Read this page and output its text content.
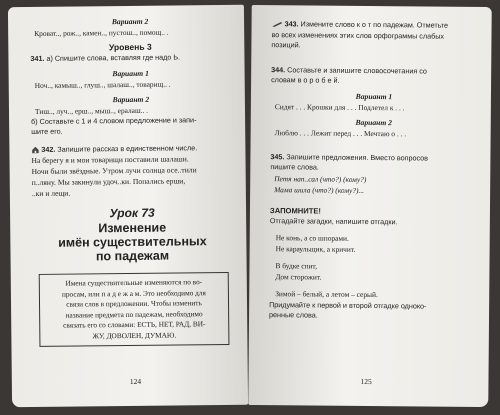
Вариант 2
Кроват.., рож.., камен.., пустош.., помощ.. .
Уровень 3
341. а) Спишите слова, вставляя где надо Ь.
Вариант 1
Ноч.., камыш.., глуш.., шалаш.., товарищ.. .
Вариант 2
Тиш.., луч.., ерш.., мыш.., ералаш.. .
б) Составьте с 1 и 4 словом предложение и запи-
шите его.
342. Запишите рассказ в единственном числе.
На берегу я и мои товарищи поставили шалаши.
Ночи были звёздные. Утром лучи солнца осе..тили
п..ляну. Мы закинули удоч..ки. Попались ерши,
..ки и лещи.
Урок 73
Изменение
имён существительных
по падежам
Имена существительные изменяются по во-
просам, или п а д е ж а м. Это необходимо для
связи слов в предложении. Чтобы изменить
название предмета по падежам, необходимо
связать его со словами: ЕСТЬ, НЕТ, РАД, ВИ-
ЖУ, ДОВОЛЕН, ДУМАЮ.
124
343. Измените слово к о т по падежам. Отметьте
во всех изменениях этих слов орфограммы слабых
позиций.
344. Составьте и запишите словосочетания со
словам в о р о б е й.
Вариант 1
Сидят . . . Крошки для . . . Подлетел к . . .
Вариант 2
Люблю . . . Лежит перед . . . Мечтаю о . . .
345. Запишите предложения. Вместо вопросов
пишите слова.
Петя нап..сал (что?) (кому?)
Мама шила (что?) (кому?)...
ЗАПОМНИТЕ!
Отгадайте загадки, напишите отгадки.
Не конь, а со шпорами.
Не караульщик, а кричит.
В будке спит,
Дом сторожит.
Зимой – белый, а летом – серый.
Придумайте к первой и второй отгадке одноко-
ренные слова.
125
